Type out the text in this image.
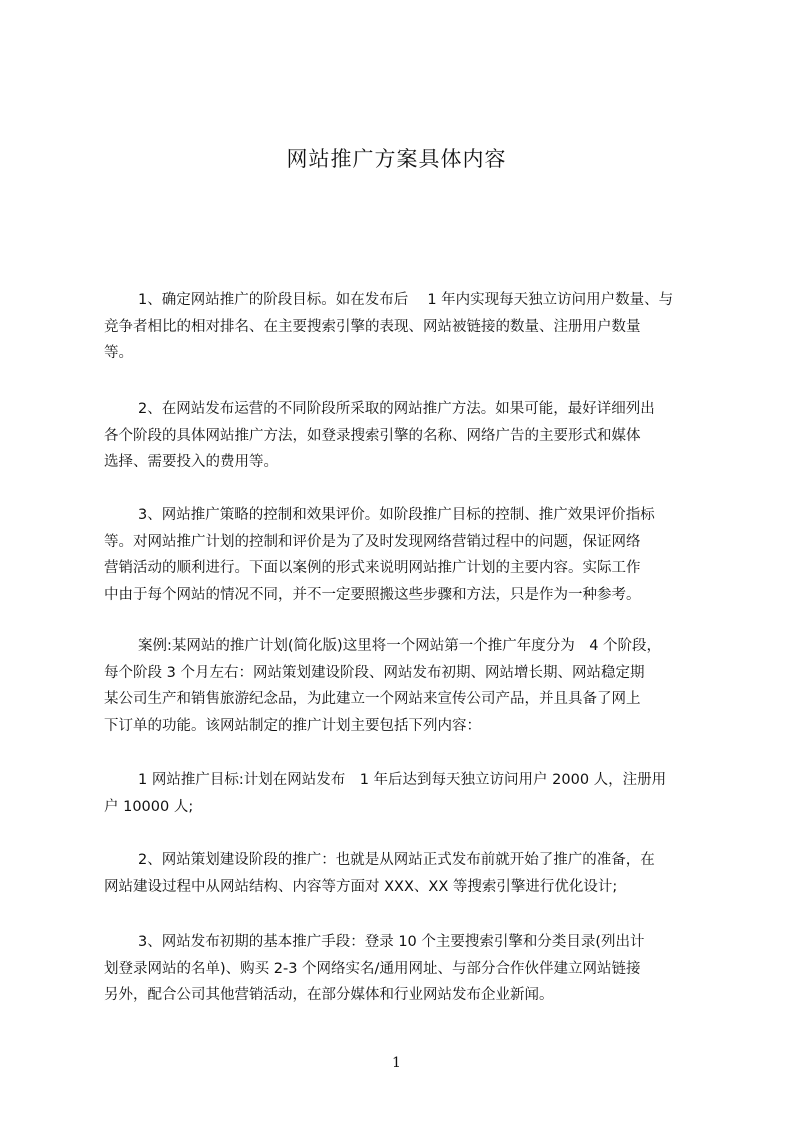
网站推广方案具体内容
1、确定网站推广的阶段目标。如在发布后　 1 年内实现每天独立访问用户数量、与
竞争者相比的相对排名、在主要搜索引擎的表现、网站被链接的数量、注册用户数量
等。
2、在网站发布运营的不同阶段所采取的网站推广方法。如果可能，最好详细列出
各个阶段的具体网站推广方法，如登录搜索引擎的名称、网络广告的主要形式和媒体
选择、需要投入的费用等。
3、网站推广策略的控制和效果评价。如阶段推广目标的控制、推广效果评价指标
等。对网站推广计划的控制和评价是为了及时发现网络营销过程中的问题，保证网络
营销活动的顺利进行。下面以案例的形式来说明网站推广计划的主要内容。实际工作
中由于每个网站的情况不同，并不一定要照搬这些步骤和方法，只是作为一种参考。
案例:某网站的推广计划(简化版)这里将一个网站第一个推广年度分为　4 个阶段，
每个阶段 3 个月左右：网站策划建设阶段、网站发布初期、网站增长期、网站稳定期
某公司生产和销售旅游纪念品，为此建立一个网站来宣传公司产品，并且具备了网上
下订单的功能。该网站制定的推广计划主要包括下列内容：
1 网站推广目标:计划在网站发布　1 年后达到每天独立访问用户 2000 人，注册用
户 10000 人;
2、网站策划建设阶段的推广：也就是从网站正式发布前就开始了推广的准备，在
网站建设过程中从网站结构、内容等方面对 XXX、XX 等搜索引擎进行优化设计;
3、网站发布初期的基本推广手段：登录 10 个主要搜索引擎和分类目录(列出计
划登录网站的名单)、购买 2-3 个网络实名/通用网址、与部分合作伙伴建立网站链接
另外，配合公司其他营销活动，在部分媒体和行业网站发布企业新闻。
1
